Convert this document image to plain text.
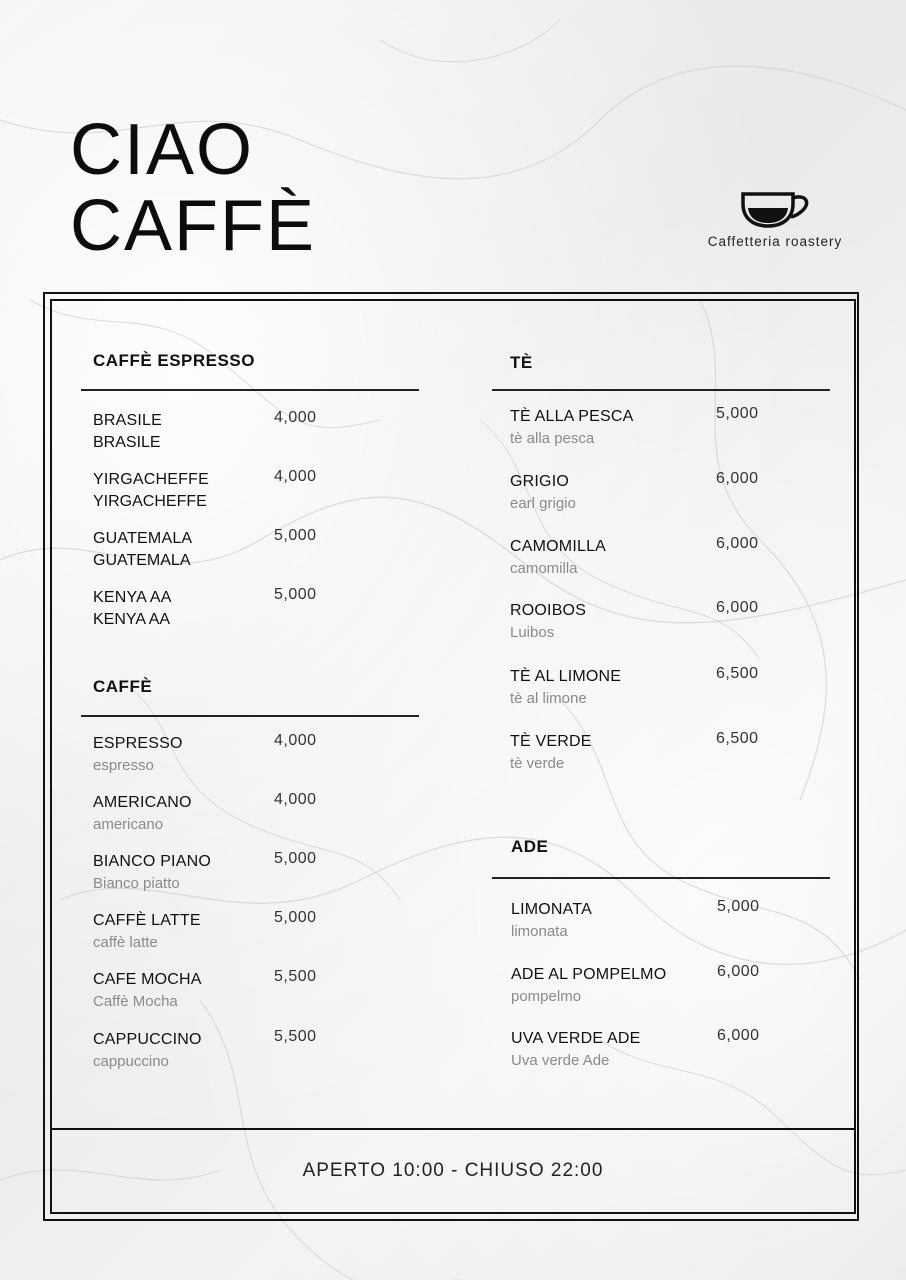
CIAO
CAFFÈ	Caffetteria roastery
CAFFÈ ESPRESSO
BRASILE
BRASILE
4,000
YIRGACHEFFE
YIRGACHEFFE
4,000
GUATEMALA
GUATEMALA
5,000
KENYA AA
KENYA AA
5,000
CAFFÈ
ESPRESSO
espresso
4,000
AMERICANO
americano
4,000
BIANCO PIANO
Bianco piatto
5,000
CAFFÈ LATTE
caffè latte
5,000
CAFE MOCHA
Caffè Mocha
5,500
CAPPUCCINO
cappuccino
5,500
TÈ
TÈ ALLA PESCA
tè alla pesca
5,000
GRIGIO
earl grigio
6,000
CAMOMILLA
camomilla
6,000
ROOIBOS
Luibos
6,000
TÈ AL LIMONE
tè al limone
6,500
TÈ VERDE
tè verde
6,500
ADE
LIMONATA
limonata
5,000
ADE AL POMPELMO
pompelmo
6,000
UVA VERDE ADE
Uva verde Ade
6,000
APERTO 10:00 - CHIUSO 22:00
